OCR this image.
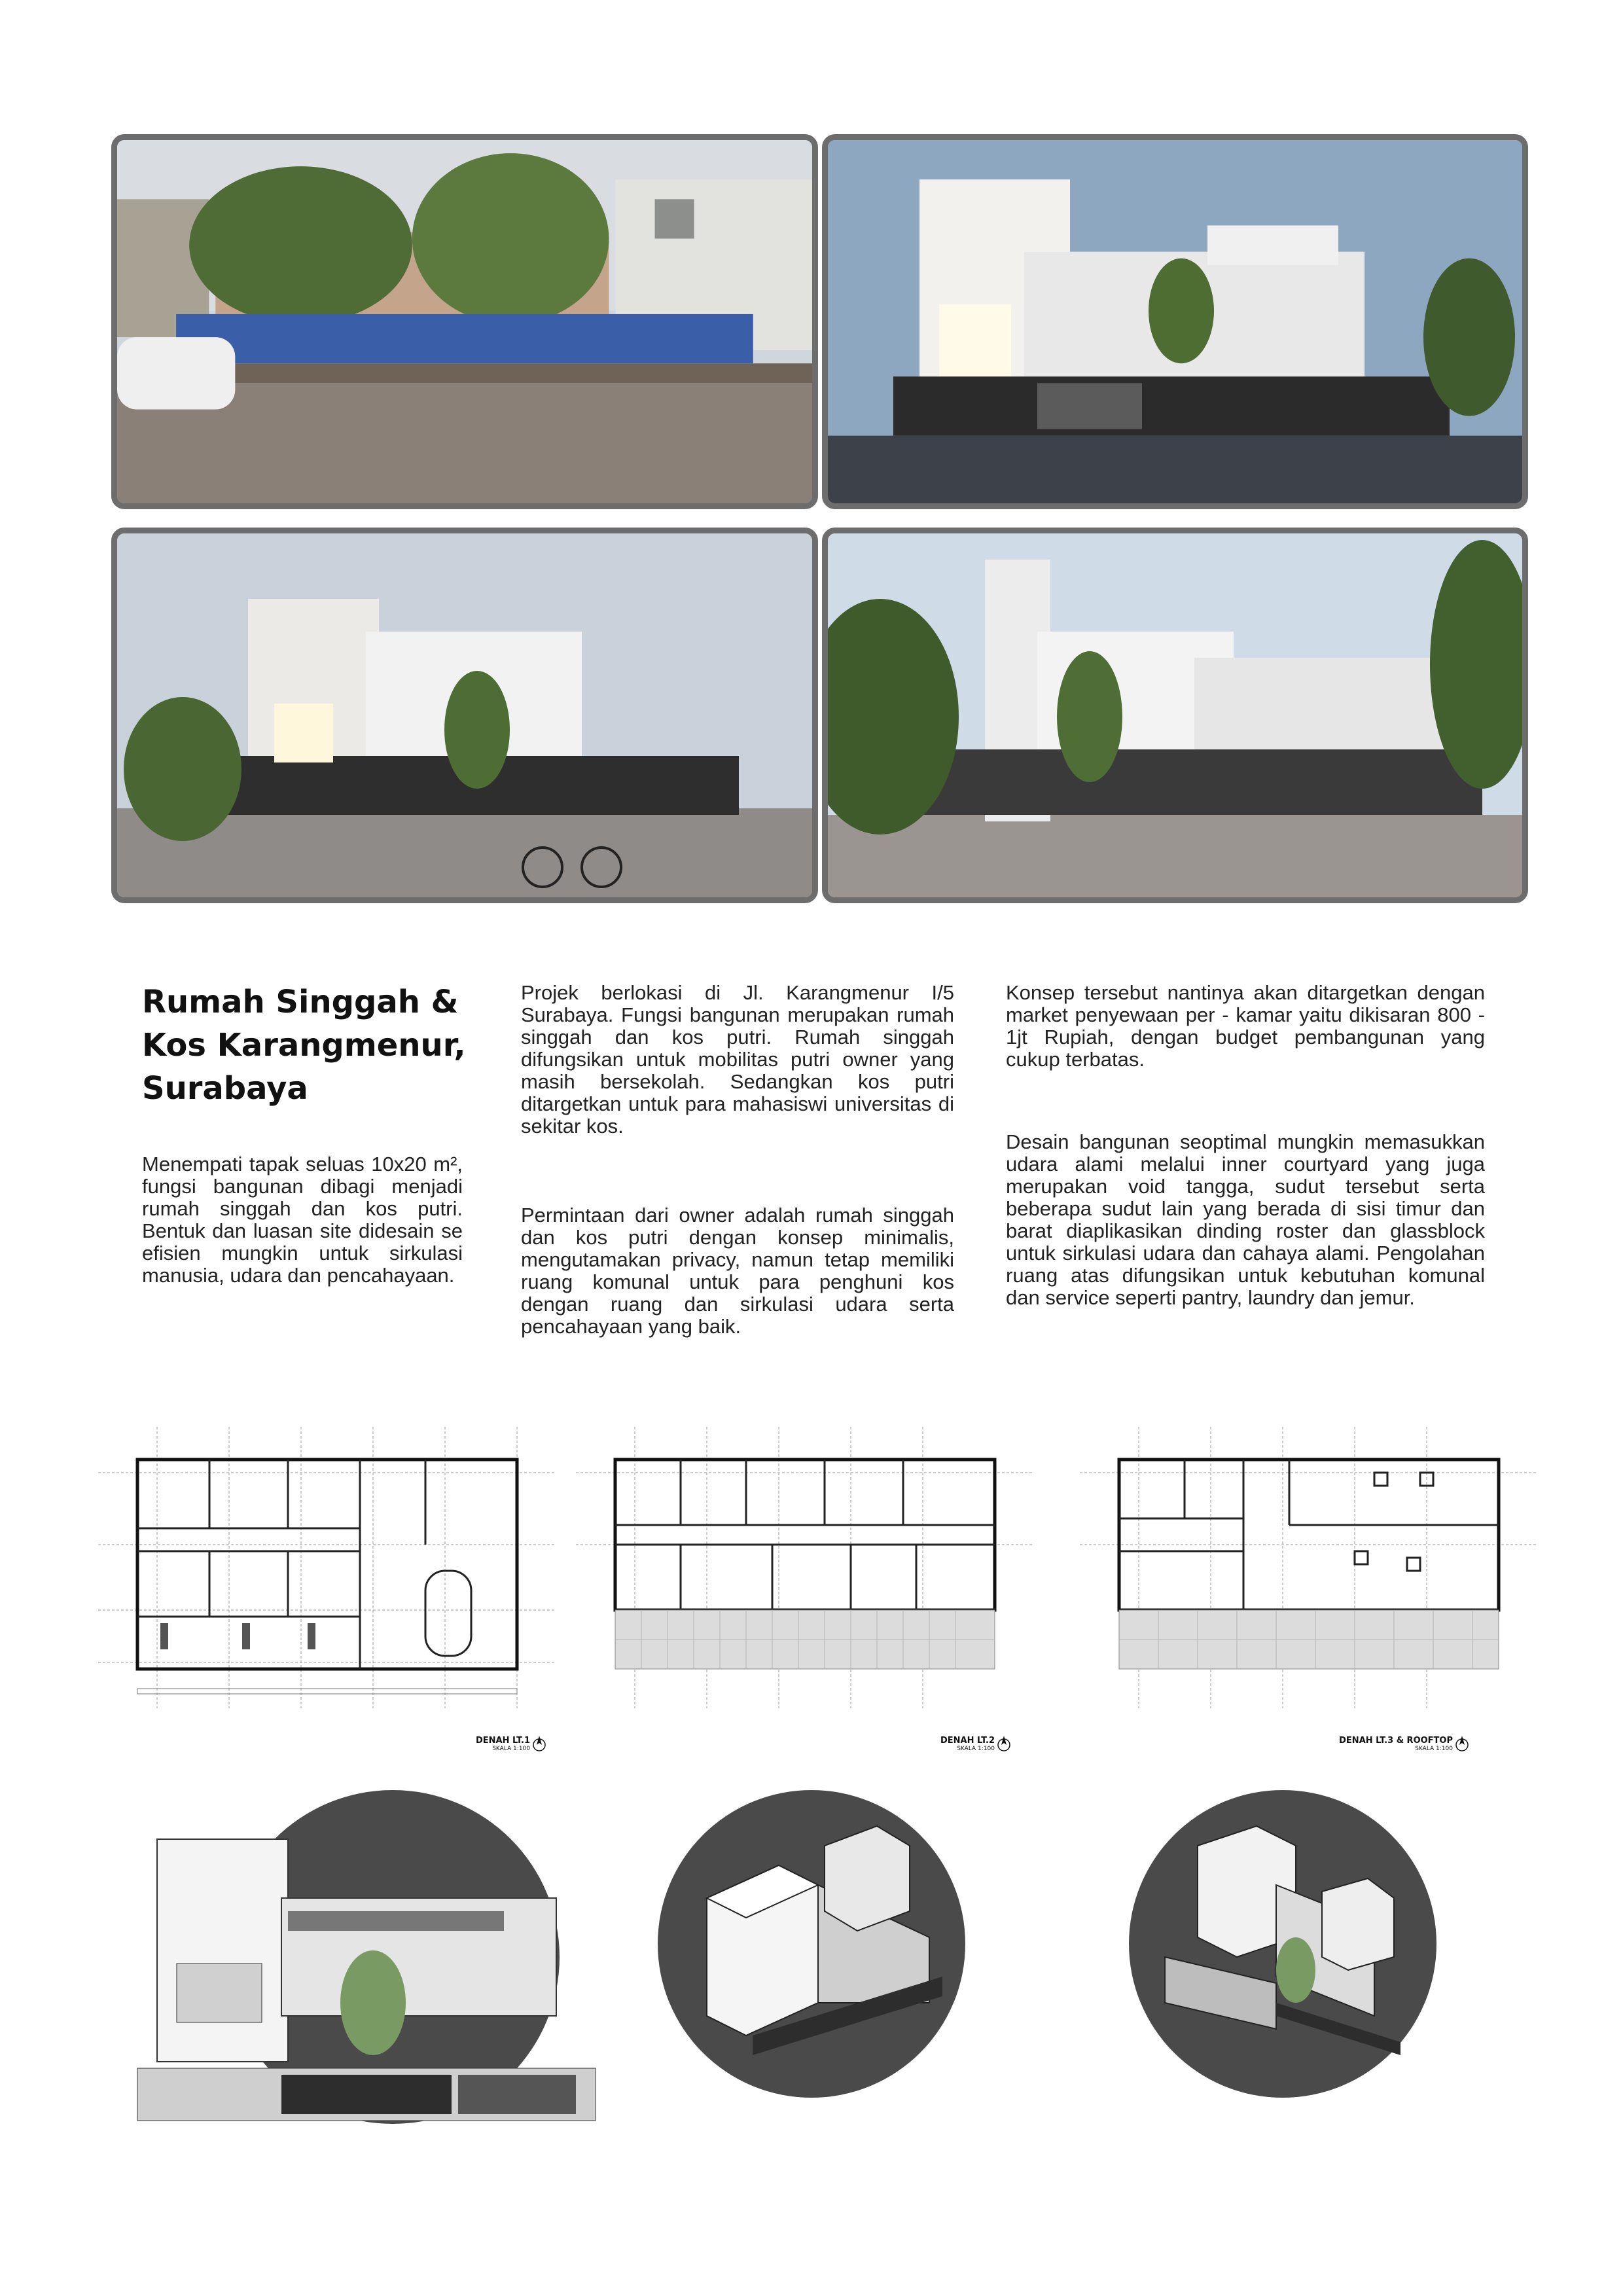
Rumah Singgah & Kos Karangmenur, Surabaya

Menempati tapak seluas 10x20 m², fungsi bangunan dibagi menjadi rumah singgah dan kos putri. Bentuk dan luasan site didesain se efisien mungkin untuk sirkulasi manusia, udara dan pencahayaan.

Projek berlokasi di Jl. Karangmenur I/5 Surabaya. Fungsi bangunan merupakan rumah singgah dan kos putri. Rumah singgah difungsikan untuk mobilitas putri owner yang masih bersekolah. Sedangkan kos putri ditargetkan untuk para mahasiswi universitas di sekitar kos.

Permintaan dari owner adalah rumah singgah dan kos putri dengan konsep minimalis, mengutamakan privacy, namun tetap memiliki ruang komunal untuk para penghuni kos dengan ruang dan sirkulasi udara serta pencahayaan yang baik.

Konsep tersebut nantinya akan ditargetkan dengan market penyewaan per - kamar yaitu dikisaran 800 - 1jt Rupiah, dengan budget pembangunan yang cukup terbatas.

Desain bangunan seoptimal mungkin memasukkan udara alami melalui inner courtyard yang juga merupakan void tangga, sudut tersebut serta beberapa sudut lain yang berada di sisi timur dan barat diaplikasikan dinding roster dan glassblock untuk sirkulasi udara dan cahaya alami. Pengolahan ruang atas difungsikan untuk kebutuhan komunal dan service seperti pantry, laundry dan jemur.

DENAH LT.1
SKALA 1:100
DENAH LT.2
SKALA 1:100
DENAH LT.3 & ROOFTOP
SKALA 1:100
